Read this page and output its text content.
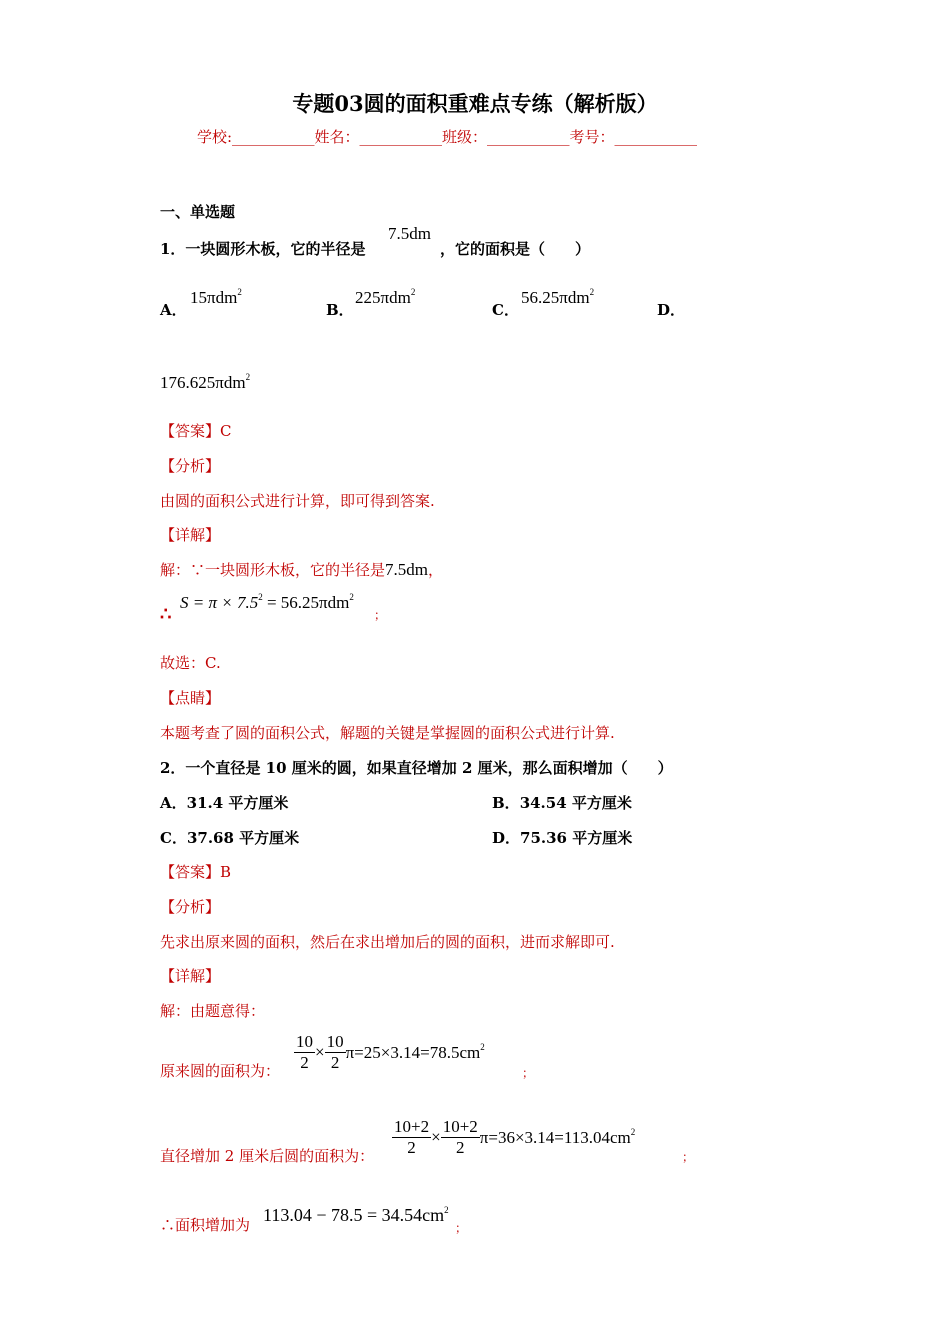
专题03圆的面积重难点专练（解析版）
学校:___________姓名：___________班级：___________考号：___________
一、单选题
1．一块圆形木板，它的半径是
7.5dm
，它的面积是（　　）
A．
15πdm$^2$
B．
225πdm$^2$
C．
56.25πdm$^2$
D．
176.625πdm$^2$
【答案】C
【分析】
由圆的面积公式进行计算，即可得到答案.
【详解】
解：∵一块圆形木板，它的半径是7.5dm，
∴
$S = \pi \times 7.5^2 = 56.25\pi dm^2$
；
故选：C.
【点睛】
本题考查了圆的面积公式，解题的关键是掌握圆的面积公式进行计算.
2．一个直径是 10 厘米的圆，如果直径增加 2 厘米，那么面积增加（　　）
A．31.4 平方厘米	B．34.54 平方厘米
C．37.68 平方厘米	D．75.36 平方厘米
【答案】B
【分析】
先求出原来圆的面积，然后在求出增加后的圆的面积，进而求解即可.
【详解】
解：由题意得：
原来圆的面积为： $\frac{10}{2} \times \frac{10}{2} \pi=25\times 3.14=78.5cm^2$
；
直径增加 2 厘米后圆的面积为： $\frac{10+2}{2} \times \frac{10+2}{2} \pi=36\times 3.14=113.04cm^2$
；
∴面积增加为 $113.04 - 78.5 = 34.54cm^2$
；
